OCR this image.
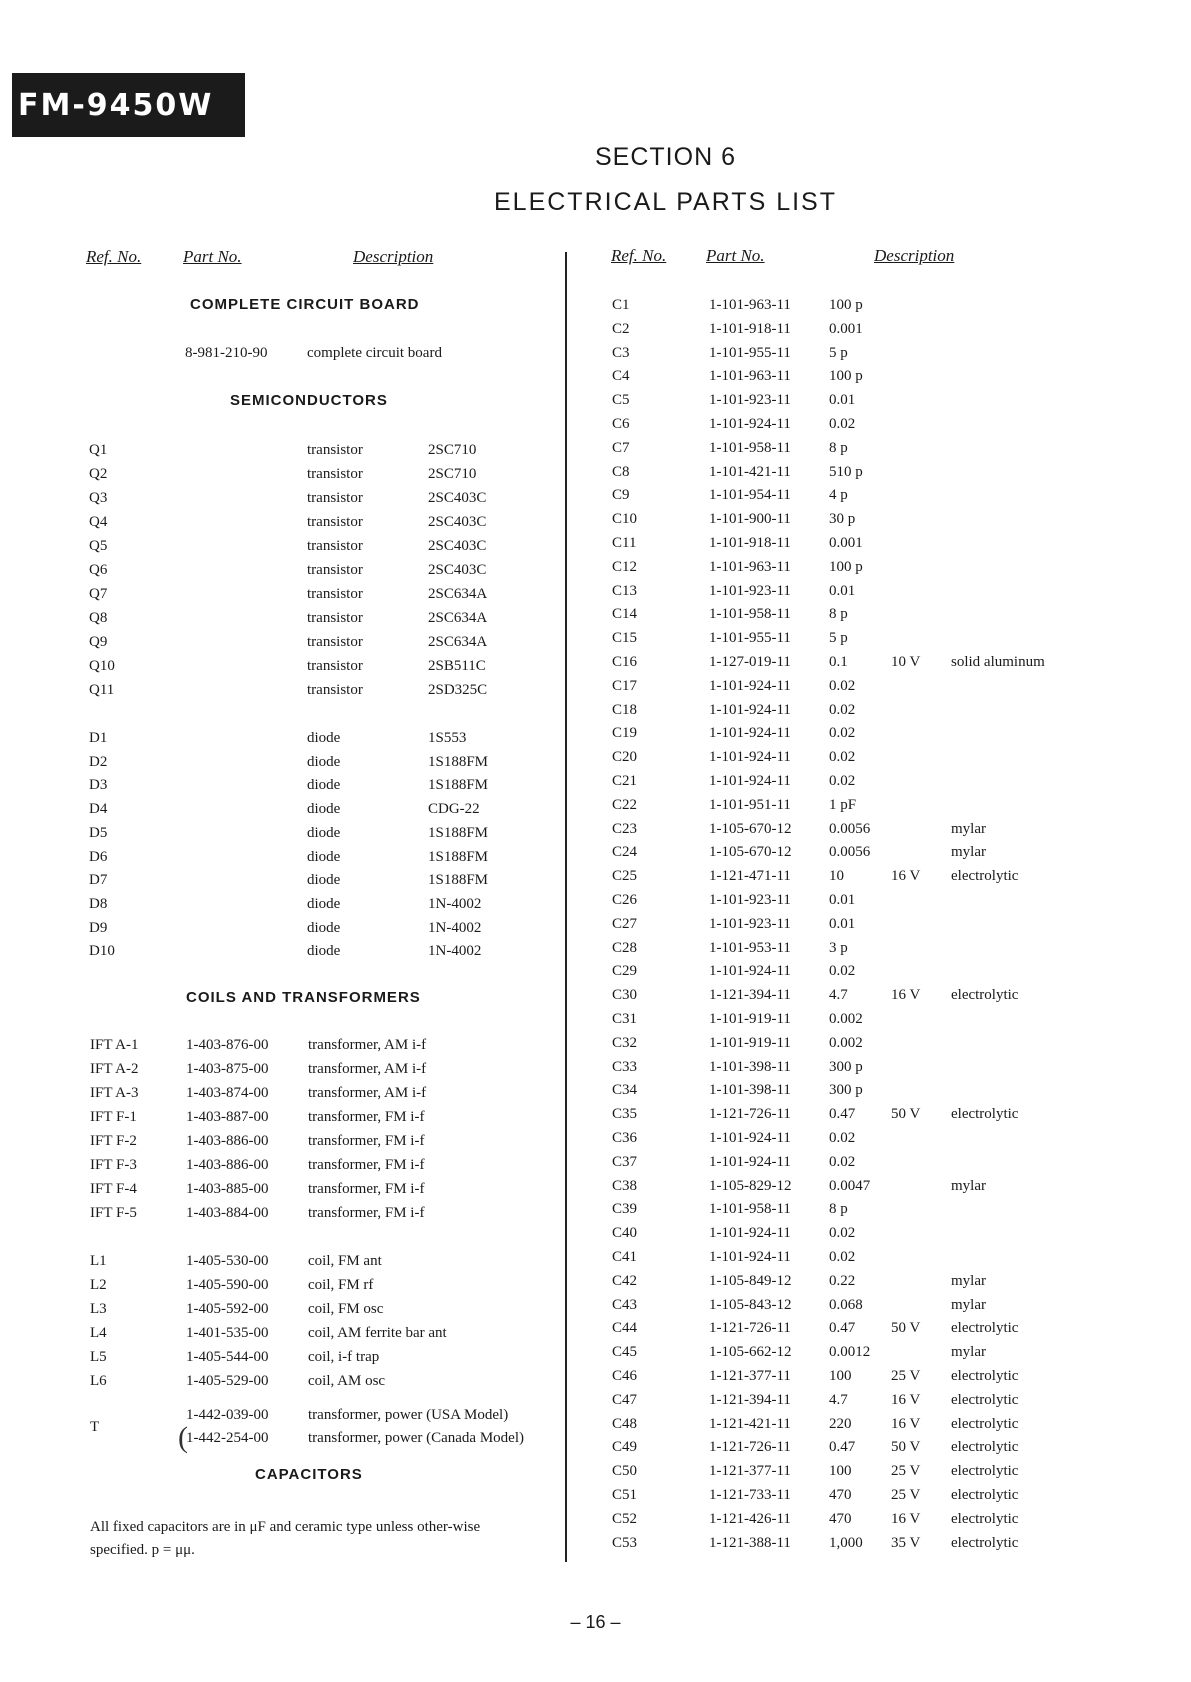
FM-9450W
SECTION 6
ELECTRICAL PARTS LIST
Ref. No. Part No.	Description	Ref. No. Part No.	Description
COMPLETE CIRCUIT BOARD
8-981-210-90	complete circuit board
SEMICONDUCTORS
Q1	transistor	2SC710
Q2	transistor	2SC710
Q3	transistor	2SC403C
Q4	transistor	2SC403C
Q5	transistor	2SC403C
Q6	transistor	2SC403C
Q7	transistor	2SC634A
Q8	transistor	2SC634A
Q9	transistor	2SC634A
Q10	transistor	2SB511C
Q11	transistor	2SD325C
D1	diode	1S553
D2	diode	1S188FM
D3	diode	1S188FM
D4	diode	CDG-22
D5	diode	1S188FM
D6	diode	1S188FM
D7	diode	1S188FM
D8	diode	1N-4002
D9	diode	1N-4002
D10	diode	1N-4002
COILS AND TRANSFORMERS
IFT A-1	1-403-876-00	transformer, AM i-f
IFT A-2	1-403-875-00	transformer, AM i-f
IFT A-3	1-403-874-00	transformer, AM i-f
IFT F-1	1-403-887-00	transformer, FM i-f
IFT F-2	1-403-886-00	transformer, FM i-f
IFT F-3	1-403-886-00	transformer, FM i-f
IFT F-4	1-403-885-00	transformer, FM i-f
IFT F-5	1-403-884-00	transformer, FM i-f
L1	1-405-530-00	coil, FM ant
L2	1-405-590-00	coil, FM rf
L3	1-405-592-00	coil, FM osc
L4	1-401-535-00	coil, AM ferrite bar ant
L5	1-405-544-00	coil, i-f trap
L6	1-405-529-00	coil, AM osc
T	(
1-442-039-00	transformer, power (USA Model)
1-442-254-00	transformer, power (Canada Model)
CAPACITORS
All fixed capacitors are in μF and ceramic type unless other-wise specified. p = μμ.
C1	1-101-963-11	100 p
C2	1-101-918-11	0.001
C3	1-101-955-11	5 p
C4	1-101-963-11	100 p
C5	1-101-923-11	0.01
C6	1-101-924-11	0.02
C7	1-101-958-11	8 p
C8	1-101-421-11	510 p
C9	1-101-954-11	4 p
C10	1-101-900-11	30 p
C11	1-101-918-11	0.001
C12	1-101-963-11	100 p
C13	1-101-923-11	0.01
C14	1-101-958-11	8 p
C15	1-101-955-11	5 p
C16	1-127-019-11	0.1	10 V solid aluminum
C17	1-101-924-11	0.02
C18	1-101-924-11	0.02
C19	1-101-924-11	0.02
C20	1-101-924-11	0.02
C21	1-101-924-11	0.02
C22	1-101-951-11	1 pF
C23	1-105-670-12	0.0056	mylar
C24	1-105-670-12	0.0056	mylar
C25	1-121-471-11	10	16 V electrolytic
C26	1-101-923-11	0.01
C27	1-101-923-11	0.01
C28	1-101-953-11	3 p
C29	1-101-924-11	0.02
C30	1-121-394-11	4.7	16 V electrolytic
C31	1-101-919-11	0.002
C32	1-101-919-11	0.002
C33	1-101-398-11	300 p
C34	1-101-398-11	300 p
C35	1-121-726-11	0.47 50 V electrolytic
C36	1-101-924-11	0.02
C37	1-101-924-11	0.02
C38	1-105-829-12	0.0047	mylar
C39	1-101-958-11	8 p
C40	1-101-924-11	0.02
C41	1-101-924-11	0.02
C42	1-105-849-12	0.22	mylar
C43	1-105-843-12	0.068	mylar
C44	1-121-726-11	0.47 50 V electrolytic
C45	1-105-662-12	0.0012	mylar
C46	1-121-377-11	100	25 V electrolytic
C47	1-121-394-11	4.7	16 V electrolytic
C48	1-121-421-11	220	16 V electrolytic
C49	1-121-726-11	0.47 50 V electrolytic
C50	1-121-377-11	100	25 V electrolytic
C51	1-121-733-11	470	25 V electrolytic
C52	1-121-426-11	470	16 V electrolytic
C53	1-121-388-11	1,000 35 V electrolytic
– 16 –
